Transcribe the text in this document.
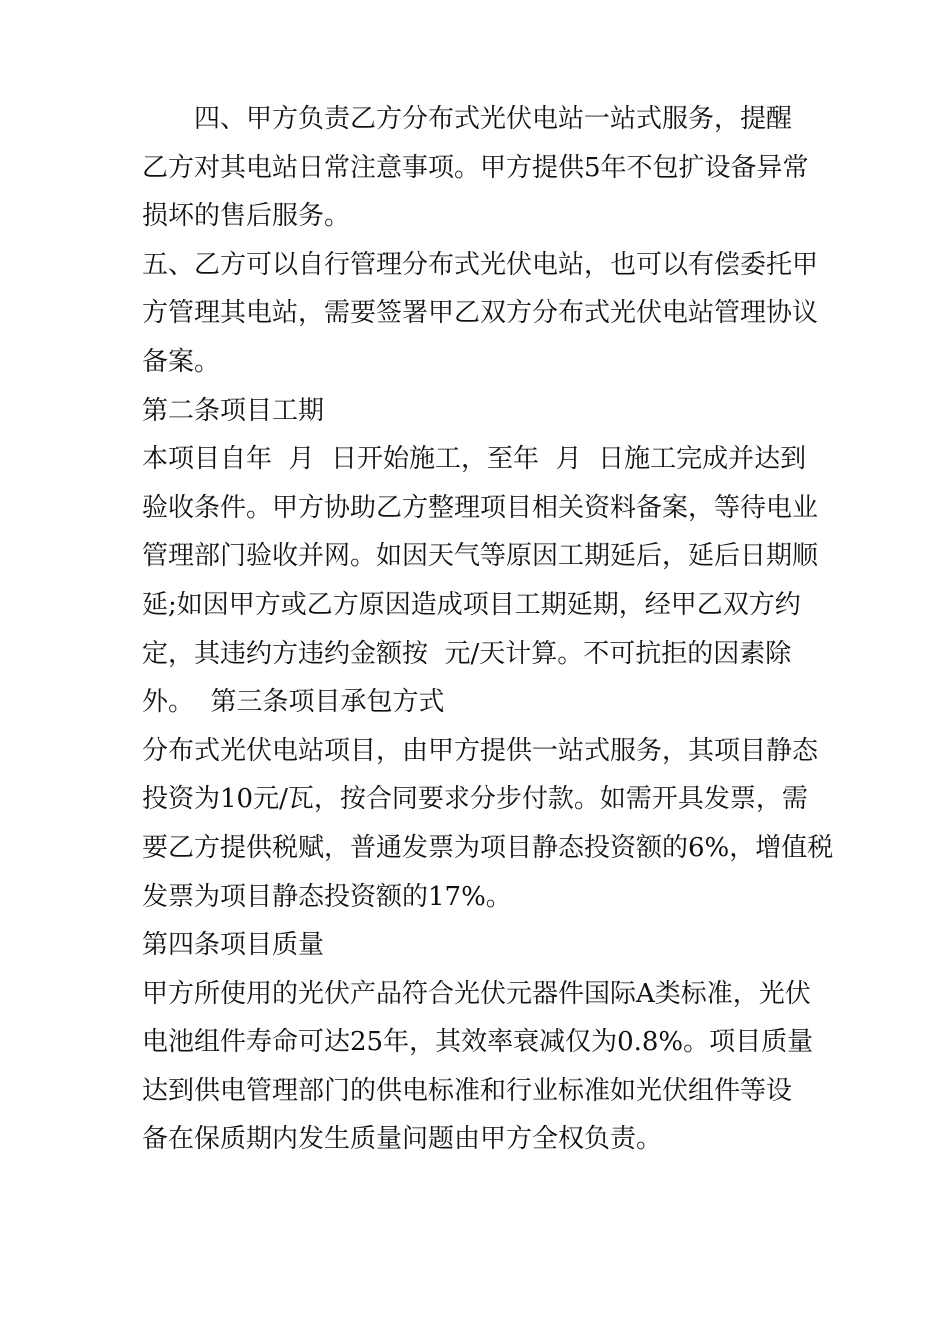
　　四、甲方负责乙方分布式光伏电站一站式服务，提醒
乙方对其电站日常注意事项。甲方提供5年不包扩设备异常
损坏的售后服务。
五、乙方可以自行管理分布式光伏电站，也可以有偿委托甲
方管理其电站，需要签署甲乙双方分布式光伏电站管理协议
备案。
第二条项目工期
本项目自年  月  日开始施工，至年  月  日施工完成并达到
验收条件。甲方协助乙方整理项目相关资料备案，等待电业
管理部门验收并网。如因天气等原因工期延后，延后日期顺
延;如因甲方或乙方原因造成项目工期延期，经甲乙双方约
定，其违约方违约金额按  元/天计算。不可抗拒的因素除
外。  第三条项目承包方式
分布式光伏电站项目，由甲方提供一站式服务，其项目静态
投资为10元/瓦，按合同要求分步付款。如需开具发票，需
要乙方提供税赋，普通发票为项目静态投资额的6%，增值税
发票为项目静态投资额的17%。
第四条项目质量
甲方所使用的光伏产品符合光伏元器件国际A类标准，光伏
电池组件寿命可达25年，其效率衰减仅为0.8%。项目质量
达到供电管理部门的供电标准和行业标准如光伏组件等设
备在保质期内发生质量问题由甲方全权负责。
